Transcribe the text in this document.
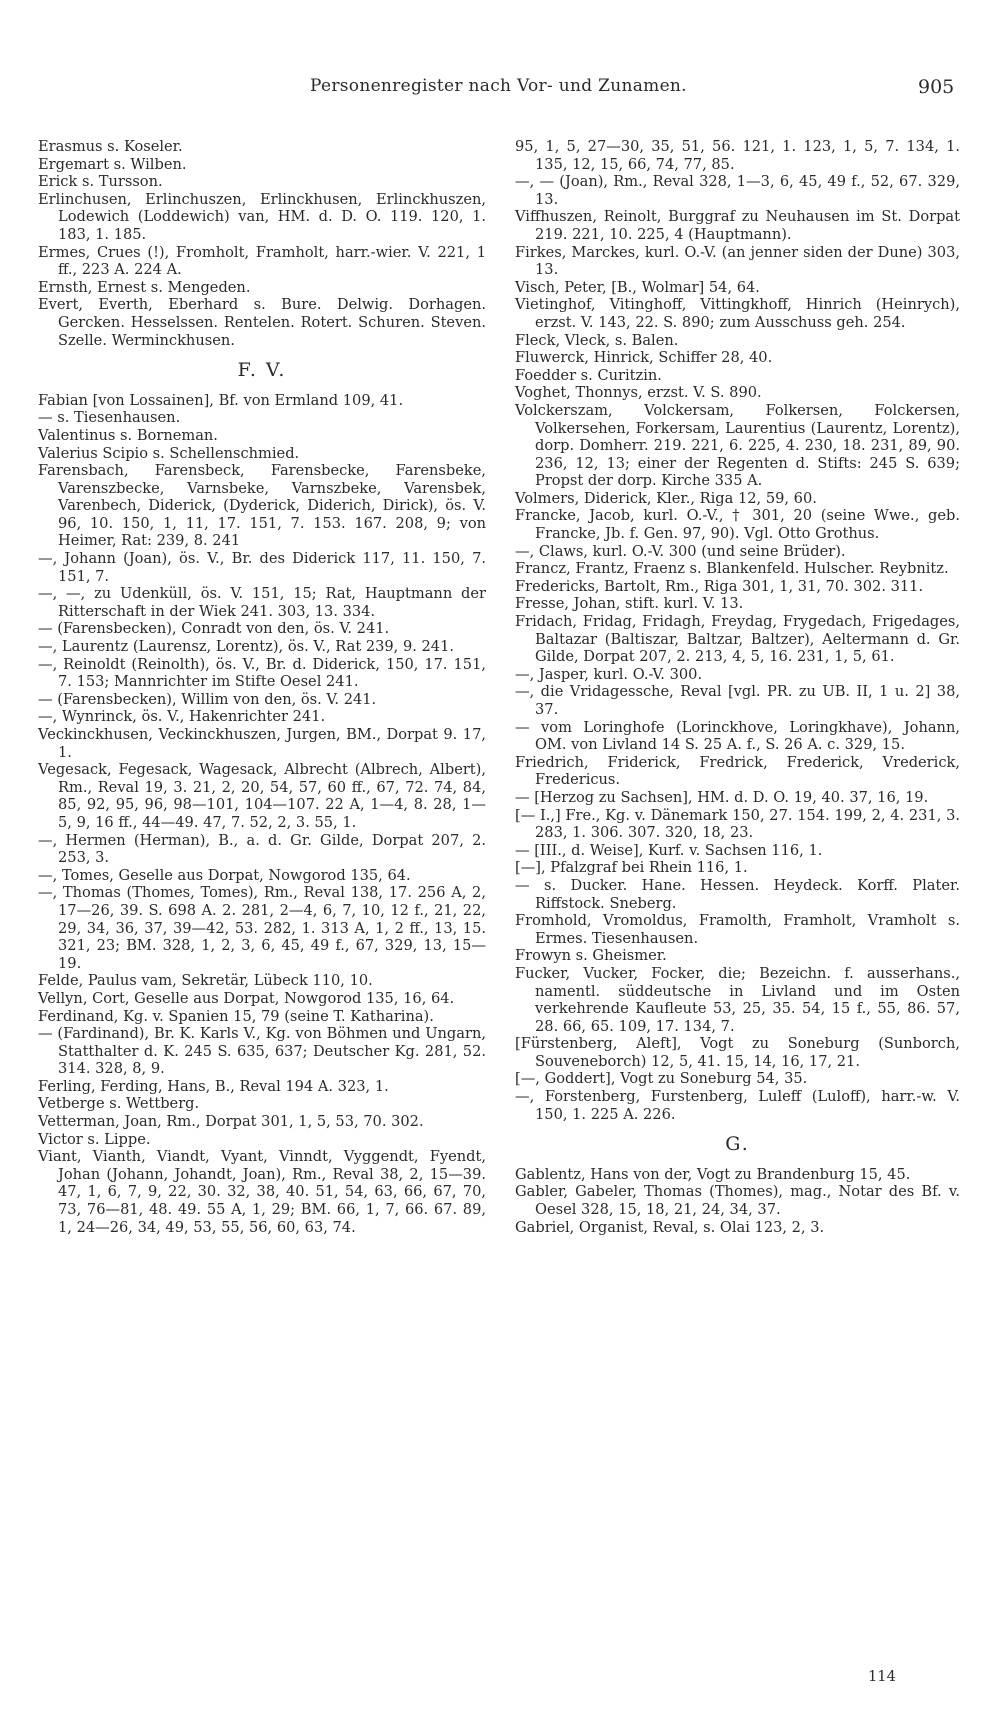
Personenregister nach Vor- und Zunamen.	905

Erasmus s. Koseler.

Ergemart s. Wilben.

Erick s. Tursson.

Erlinchusen, Erlinchuszen, Erlinckhusen, Erlinckhuszen, Lodewich (Loddewich) van, HM. d. D. O. 119. 120, 1. 183, 1. 185.

Ermes, Crues (!), Fromholt, Framholt, harr.-wier. V. 221, 1 ff., 223 A. 224 A.

Ernsth, Ernest s. Mengeden.

Evert, Everth, Eberhard s. Bure. Delwig. Dorhagen. Gercken. Hesselssen. Rentelen. Rotert. Schuren. Steven. Szelle. Werminckhusen.

F. V.

Fabian [von Lossainen], Bf. von Ermland 109, 41.

— s. Tiesenhausen.

Valentinus s. Borneman.

Valerius Scipio s. Schellenschmied.

Farensbach, Farensbeck, Farensbecke, Farensbeke, Varenszbecke, Varnsbeke, Varnszbeke, Varensbek, Varenbech, Diderick, (Dyderick, Diderich, Dirick), ös. V. 96, 10. 150, 1, 11, 17. 151, 7. 153. 167. 208, 9; von Heimer, Rat: 239, 8. 241

—, Johann (Joan), ös. V., Br. des Diderick 117, 11. 150, 7. 151, 7.

—, —, zu Udenküll, ös. V. 151, 15; Rat, Hauptmann der Ritterschaft in der Wiek 241. 303, 13. 334.

— (Farensbecken), Conradt von den, ös. V. 241.

—, Laurentz (Laurensz, Lorentz), ös. V., Rat 239, 9. 241.

—, Reinoldt (Reinolth), ös. V., Br. d. Diderick, 150, 17. 151, 7. 153; Mannrichter im Stifte Oesel 241.

— (Farensbecken), Willim von den, ös. V. 241.

—, Wynrinck, ös. V., Hakenrichter 241.

Veckinckhusen, Veckinckhuszen, Jurgen, BM., Dorpat 9. 17, 1.

Vegesack, Fegesack, Wagesack, Albrecht (Albrech, Albert), Rm., Reval 19, 3. 21, 2, 20, 54, 57, 60 ff., 67, 72. 74, 84, 85, 92, 95, 96, 98—101, 104—107. 22 A, 1—4, 8. 28, 1—5, 9, 16 ff., 44—49. 47, 7. 52, 2, 3. 55, 1.

—, Hermen (Herman), B., a. d. Gr. Gilde, Dorpat 207, 2. 253, 3.

—, Tomes, Geselle aus Dorpat, Nowgorod 135, 64.

—, Thomas (Thomes, Tomes), Rm., Reval 138, 17. 256 A, 2, 17—26, 39. S. 698 A. 2. 281, 2—4, 6, 7, 10, 12 f., 21, 22, 29, 34, 36, 37, 39—42, 53. 282, 1. 313 A, 1, 2 ff., 13, 15. 321, 23; BM. 328, 1, 2, 3, 6, 45, 49 f., 67, 329, 13, 15—19.

Felde, Paulus vam, Sekretär, Lübeck 110, 10.

Vellyn, Cort, Geselle aus Dorpat, Nowgorod 135, 16, 64.

Ferdinand, Kg. v. Spanien 15, 79 (seine T. Katharina).

— (Fardinand), Br. K. Karls V., Kg. von Böhmen und Ungarn, Statthalter d. K. 245 S. 635, 637; Deutscher Kg. 281, 52. 314. 328, 8, 9.

Ferling, Ferding, Hans, B., Reval 194 A. 323, 1.

Vetberge s. Wettberg.

Vetterman, Joan, Rm., Dorpat 301, 1, 5, 53, 70. 302.

Victor s. Lippe.

Viant, Vianth, Viandt, Vyant, Vinndt, Vyggendt, Fyendt, Johan (Johann, Johandt, Joan), Rm., Reval 38, 2, 15—39. 47, 1, 6, 7, 9, 22, 30. 32, 38, 40. 51, 54, 63, 66, 67, 70, 73, 76—81, 48. 49. 55 A, 1, 29; BM. 66, 1, 7, 66. 67. 89, 1, 24—26, 34, 49, 53, 55, 56, 60, 63, 74.

95, 1, 5, 27—30, 35, 51, 56. 121, 1. 123, 1, 5, 7. 134, 1. 135, 12, 15, 66, 74, 77, 85.

—, — (Joan), Rm., Reval 328, 1—3, 6, 45, 49 f., 52, 67. 329, 13.

Viffhuszen, Reinolt, Burggraf zu Neuhausen im St. Dorpat 219. 221, 10. 225, 4 (Hauptmann).

Firkes, Marckes, kurl. O.-V. (an jenner siden der Dune) 303, 13.

Visch, Peter, [B., Wolmar] 54, 64.

Vietinghof, Vitinghoff, Vittingkhoff, Hinrich (Heinrych), erzst. V. 143, 22. S. 890; zum Ausschuss geh. 254.

Fleck, Vleck, s. Balen.

Fluwerck, Hinrick, Schiffer 28, 40.

Foedder s. Curitzin.

Voghet, Thonnys, erzst. V. S. 890.

Volckerszam, Volckersam, Folkersen, Folckersen, Volkersehen, Forkersam, Laurentius (Laurentz, Lorentz), dorp. Domherr. 219. 221, 6. 225, 4. 230, 18. 231, 89, 90. 236, 12, 13; einer der Regenten d. Stifts: 245 S. 639; Propst der dorp. Kirche 335 A.

Volmers, Diderick, Kler., Riga 12, 59, 60.

Francke, Jacob, kurl. O.-V., † 301, 20 (seine Wwe., geb. Francke, Jb. f. Gen. 97, 90). Vgl. Otto Grothus.

—, Claws, kurl. O.-V. 300 (und seine Brüder).

Francz, Frantz, Fraenz s. Blankenfeld. Hulscher. Reybnitz.

Fredericks, Bartolt, Rm., Riga 301, 1, 31, 70. 302. 311.

Fresse, Johan, stift. kurl. V. 13.

Fridach, Fridag, Fridagh, Freydag, Frygedach, Frigedages, Baltazar (Baltiszar, Baltzar, Baltzer), Aeltermann d. Gr. Gilde, Dorpat 207, 2. 213, 4, 5, 16. 231, 1, 5, 61.

—, Jasper, kurl. O.-V. 300.

—, die Vridagessche, Reval [vgl. PR. zu UB. II, 1 u. 2] 38, 37.

— vom Loringhofe (Lorinckhove, Loringkhave), Johann, OM. von Livland 14 S. 25 A. f., S. 26 A. c. 329, 15.

Friedrich, Friderick, Fredrick, Frederick, Vrederick, Fredericus.

— [Herzog zu Sachsen], HM. d. D. O. 19, 40. 37, 16, 19.

[— I.,] Fre., Kg. v. Dänemark 150, 27. 154. 199, 2, 4. 231, 3. 283, 1. 306. 307. 320, 18, 23.

— [III., d. Weise], Kurf. v. Sachsen 116, 1.

[—], Pfalzgraf bei Rhein 116, 1.

— s. Ducker. Hane. Hessen. Heydeck. Korff. Plater. Riffstock. Sneberg.

Fromhold, Vromoldus, Framolth, Framholt, Vramholt s. Ermes. Tiesenhausen.

Frowyn s. Gheismer.

Fucker, Vucker, Focker, die; Bezeichn. f. ausserhans., namentl. süddeutsche in Livland und im Osten verkehrende Kaufleute 53, 25, 35. 54, 15 f., 55, 86. 57, 28. 66, 65. 109, 17. 134, 7.

[Fürstenberg, Aleft], Vogt zu Soneburg (Sunborch, Souveneborch) 12, 5, 41. 15, 14, 16, 17, 21.

[—, Goddert], Vogt zu Soneburg 54, 35.

—, Forstenberg, Furstenberg, Luleff (Luloff), harr.-w. V. 150, 1. 225 A. 226.

G.

Gablentz, Hans von der, Vogt zu Brandenburg 15, 45.

Gabler, Gabeler, Thomas (Thomes), mag., Notar des Bf. v. Oesel 328, 15, 18, 21, 24, 34, 37.

Gabriel, Organist, Reval, s. Olai 123, 2, 3.

114
